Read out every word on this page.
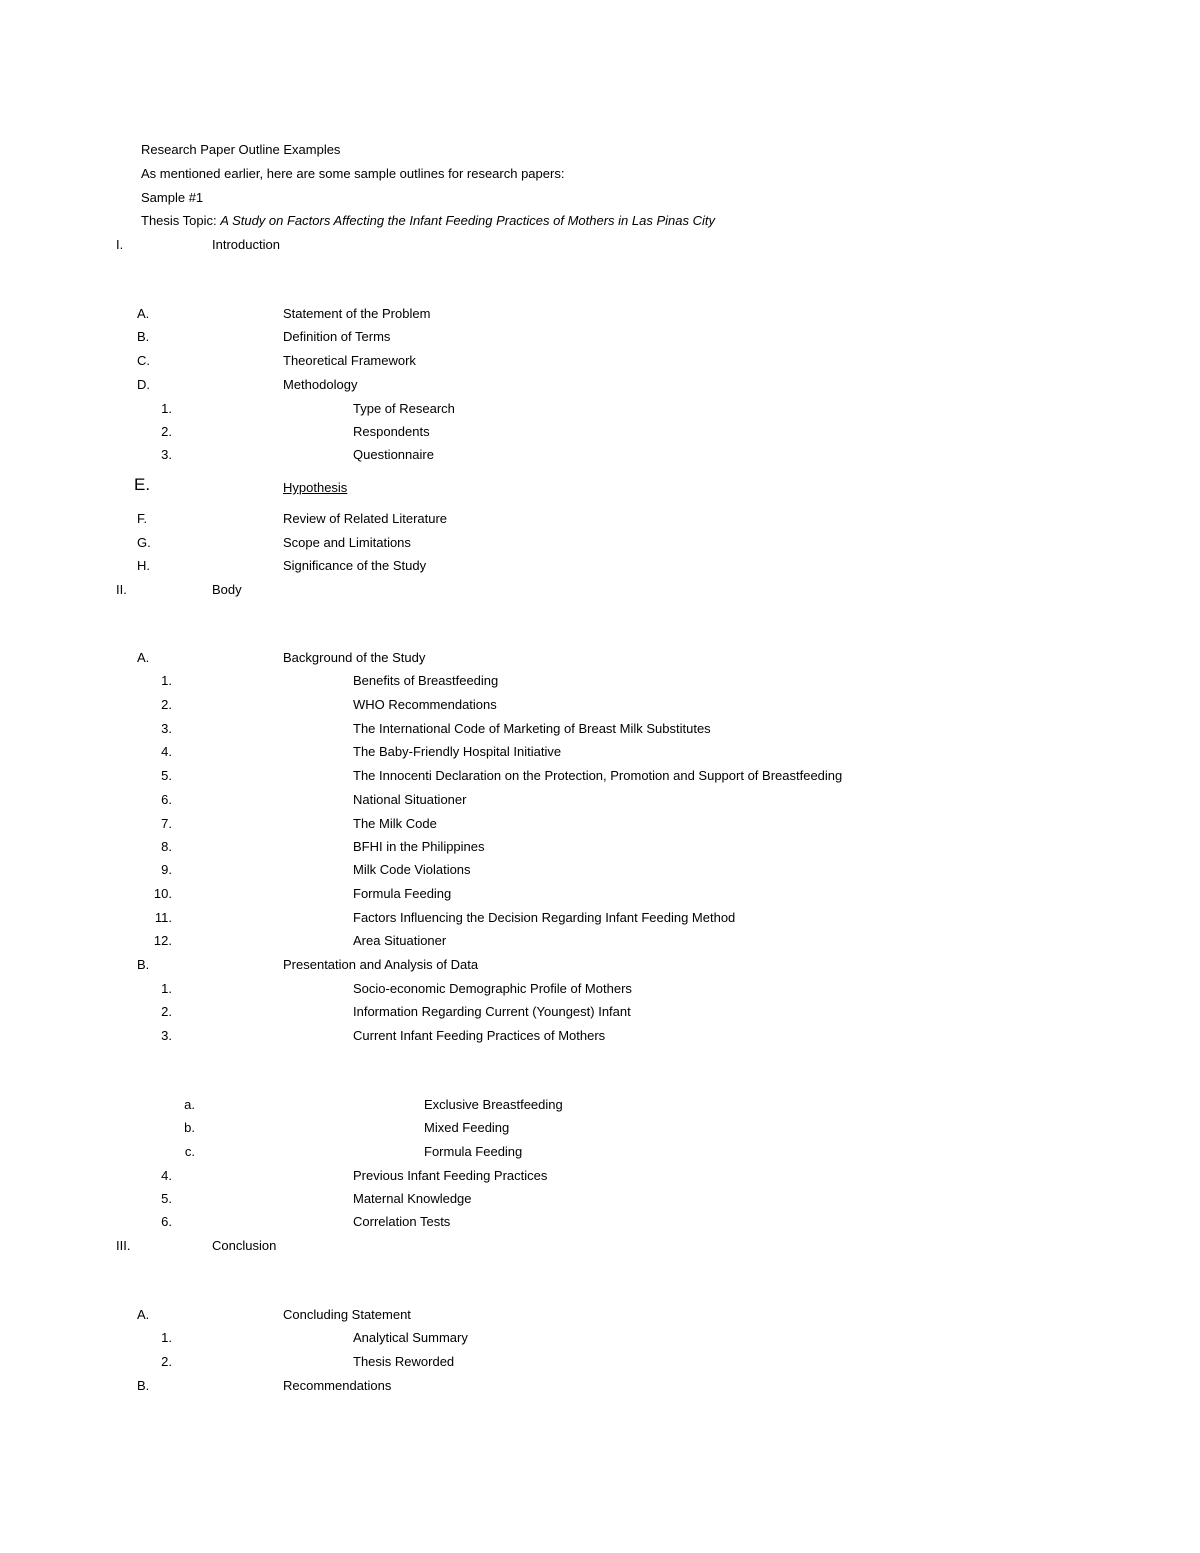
Research Paper Outline Examples
As mentioned earlier, here are some sample outlines for research papers:
Sample #1
Thesis Topic: A Study on Factors Affecting the Infant Feeding Practices of Mothers in Las Pinas City
I.	Introduction
A.	Statement of the Problem
B.	Definition of Terms
C.	Theoretical Framework
D.	Methodology
1.	Type of Research
2.	Respondents
3.	Questionnaire
E.	Hypothesis
F.	Review of Related Literature
G.	Scope and Limitations
H.	Significance of the Study
II.	Body
A.	Background of the Study
1.	Benefits of Breastfeeding
2.	WHO Recommendations
3.	The International Code of Marketing of Breast Milk Substitutes
4.	The Baby-Friendly Hospital Initiative
5.	The Innocenti Declaration on the Protection, Promotion and Support of Breastfeeding
6.	National Situationer
7.	The Milk Code
8.	BFHI in the Philippines
9.	Milk Code Violations
10.	Formula Feeding
11.	Factors Influencing the Decision Regarding Infant Feeding Method
12.	Area Situationer
B.	Presentation and Analysis of Data
1.	Socio-economic Demographic Profile of Mothers
2.	Information Regarding Current (Youngest) Infant
3.	Current Infant Feeding Practices of Mothers
a.	Exclusive Breastfeeding
b.	Mixed Feeding
c.	Formula Feeding
4.	Previous Infant Feeding Practices
5.	Maternal Knowledge
6.	Correlation Tests
III.	Conclusion
A.	Concluding Statement
1.	Analytical Summary
2.	Thesis Reworded
B.	Recommendations
